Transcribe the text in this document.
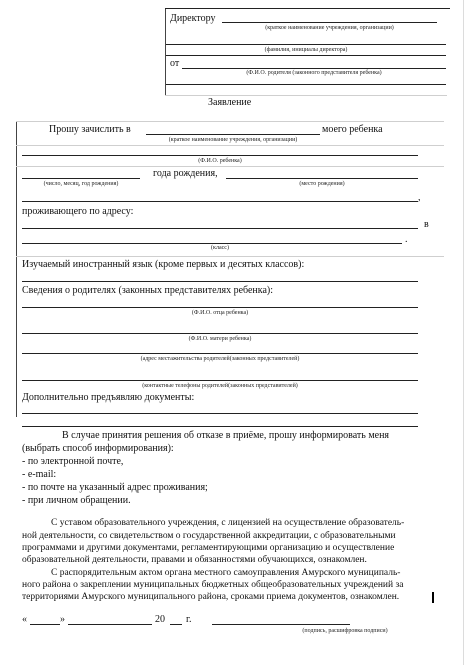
Директору
(краткое наименование учреждения, организации)
(фамилия, инициалы директора)
от
(Ф.И.О. родителя (законного представителя ребенка)
Заявление
Прошу зачислить в	моего ребенка
(краткое наименование учреждения, организации)
(Ф.И.О. ребенка)
года рождения,
(число, месяц, год рождения)	(место рождения)
,
проживающего по адресу:
в
.
(класс)
Изучаемый иностранный язык (кроме первых и десятых классов):
Сведения о родителях (законных представителях ребенка):
(Ф.И.О. отца ребенка)
(Ф.И.О. матери ребенка)
(адрес местажительства родителей(законных представителей)
(контактные телефоны родителей(законных представителей)
Дополнительно предъявляю документы:
В случае принятия решения об отказе в приёме, прошу информировать меня
(выбрать способ информирования):
- по электронной почте,
- e-mail:
- по почте на указанный адрес проживания;
- при личном обращении.
С уставом образовательного учреждения, с лицензией на осуществление образователь-
ной деятельности, со свидетельством о государственной аккредитации, с образовательными
программами и другими документами, регламентирующими организацию и осуществление
образовательной деятельности, правами и обязанностями обучающихся, ознакомлен.
С распорядительным актом органа местного самоуправления Амурского муниципаль-
ного района о закреплении муниципальных бюджетных общеобразовательных учреждений за
территориями Амурского муниципального района, сроками приема документов, ознакомлен.
«	»	20 г.
(подпись, расшифровка подписи)
